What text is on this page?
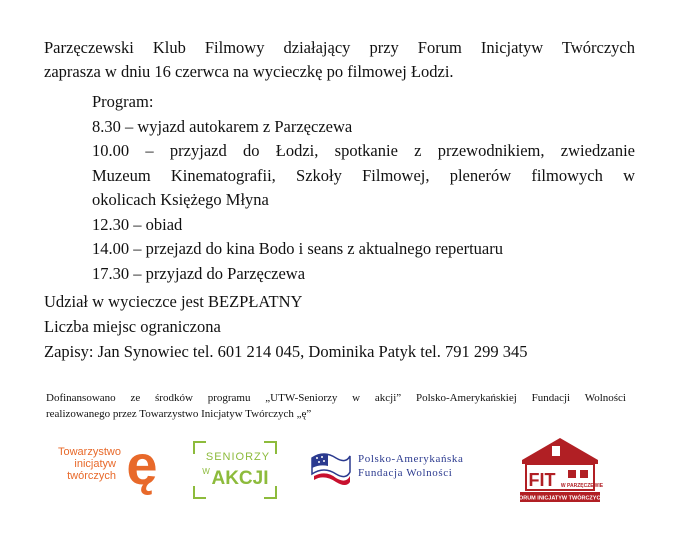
Parzęczewski Klub Filmowy działający przy Forum Inicjatyw Twórczych

zaprasza w dniu 16 czerwca na wycieczkę po filmowej Łodzi.

Program:
8.30 – wyjazd autokarem z Parzęczewa
10.00 – przyjazd do Łodzi, spotkanie z przewodnikiem, zwiedzanie
Muzeum Kinematografii, Szkoły Filmowej, plenerów filmowych w
okolicach Księżego Młyna
12.30 – obiad
14.00 – przejazd do kina Bodo i seans z aktualnego repertuaru
17.30 – przyjazd do Parzęczewa
Udział w wycieczce jest BEZPŁATNY
Liczba miejsc ograniczona
Zapisy: Jan Synowiec tel. 601 214 045, Dominika Patyk tel. 791 299 345
Dofinansowano ze środków programu „UTW-Seniorzy w akcji” Polsko-Amerykańskiej Fundacji Wolności
realizowanego przez Towarzystwo Inicjatyw Twórczych „ę”
Towarzystwo
inicjatyw
twórczych ę	SENIORZY
W AKCJI
Polsko-Amerykańska
Fundacja Wolności	FIT W PARZĘCZEWIE
FORUM INICJATYW TWÓRCZYCH
